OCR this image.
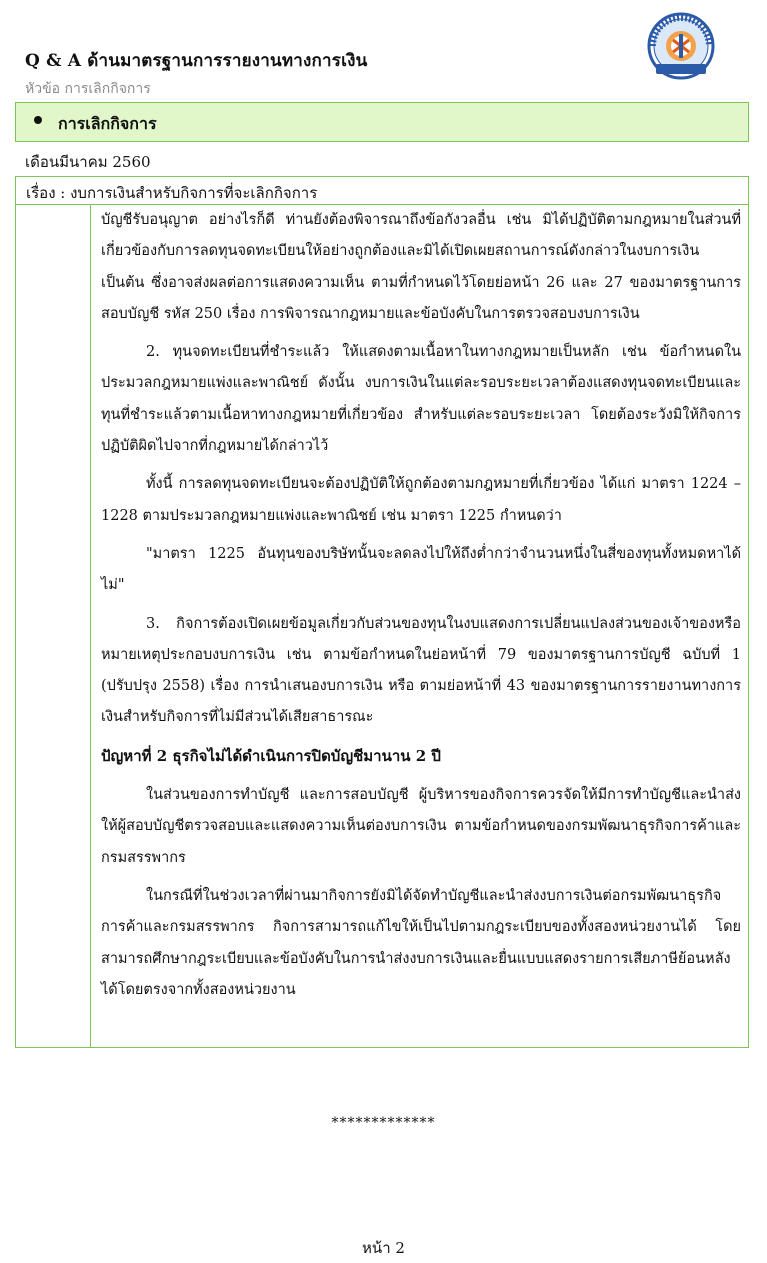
Q & A ด้านมาตรฐานการรายงานทางการเงิน
หัวข้อ การเลิกกิจการ
การเลิกกิจการ
เดือนมีนาคม 2560
เรื่อง : งบการเงินสำหรับกิจการที่จะเลิกกิจการ

บัญชีรับอนุญาต อย่างไรก็ดี ท่านยังต้องพิจารณาถึงข้อกังวลอื่น เช่น มิได้ปฏิบัติตามกฎหมายในส่วนที่เกี่ยวข้องกับการลดทุนจดทะเบียนให้อย่างถูกต้องและมิได้เปิดเผยสถานการณ์ดังกล่าวในงบการเงิน เป็นต้น ซึ่งอาจส่งผลต่อการแสดงความเห็น ตามที่กำหนดไว้โดยย่อหน้า 26 และ 27 ของมาตรฐานการสอบบัญชี รหัส 250 เรื่อง การพิจารณากฎหมายและข้อบังคับในการตรวจสอบงบการเงิน

2. ทุนจดทะเบียนที่ชำระแล้ว ให้แสดงตามเนื้อหาในทางกฎหมายเป็นหลัก เช่น ข้อกำหนดในประมวลกฎหมายแพ่งและพาณิชย์ ดังนั้น งบการเงินในแต่ละรอบระยะเวลาต้องแสดงทุนจดทะเบียนและทุนที่ชำระแล้วตามเนื้อหาทางกฎหมายที่เกี่ยวข้อง สำหรับแต่ละรอบระยะเวลา โดยต้องระวังมิให้กิจการปฏิบัติผิดไปจากที่กฎหมายได้กล่าวไว้

ทั้งนี้ การลดทุนจดทะเบียนจะต้องปฏิบัติให้ถูกต้องตามกฎหมายที่เกี่ยวข้อง ได้แก่ มาตรา 1224 – 1228 ตามประมวลกฎหมายแพ่งและพาณิชย์ เช่น มาตรา 1225 กำหนดว่า

"มาตรา 1225 อันทุนของบริษัทนั้นจะลดลงไปให้ถึงต่ำกว่าจำนวนหนึ่งในสี่ของทุนทั้งหมดหาได้ไม่"

3. กิจการต้องเปิดเผยข้อมูลเกี่ยวกับส่วนของทุนในงบแสดงการเปลี่ยนแปลงส่วนของเจ้าของหรือหมายเหตุประกอบงบการเงิน เช่น ตามข้อกำหนดในย่อหน้าที่ 79 ของมาตรฐานการบัญชี ฉบับที่ 1 (ปรับปรุง 2558) เรื่อง การนำเสนองบการเงิน หรือ ตามย่อหน้าที่ 43 ของมาตรฐานการรายงานทางการเงินสำหรับกิจการที่ไม่มีส่วนได้เสียสาธารณะ

ปัญหาที่ 2 ธุรกิจไม่ได้ดำเนินการปิดบัญชีมานาน 2 ปี

ในส่วนของการทำบัญชี และการสอบบัญชี ผู้บริหารของกิจการควรจัดให้มีการทำบัญชีและนำส่งให้ผู้สอบบัญชีตรวจสอบและแสดงความเห็นต่องบการเงิน ตามข้อกำหนดของกรมพัฒนาธุรกิจการค้าและกรมสรรพากร

ในกรณีที่ในช่วงเวลาที่ผ่านมากิจการยังมิได้จัดทำบัญชีและนำส่งงบการเงินต่อกรมพัฒนาธุรกิจการค้าและกรมสรรพากร กิจการสามารถแก้ไขให้เป็นไปตามกฎระเบียบของทั้งสองหน่วยงานได้ โดยสามารถศึกษากฎระเบียบและข้อบังคับในการนำส่งงบการเงินและยื่นแบบแสดงรายการเสียภาษีย้อนหลังได้โดยตรงจากทั้งสองหน่วยงาน

*************
หน้า 2
